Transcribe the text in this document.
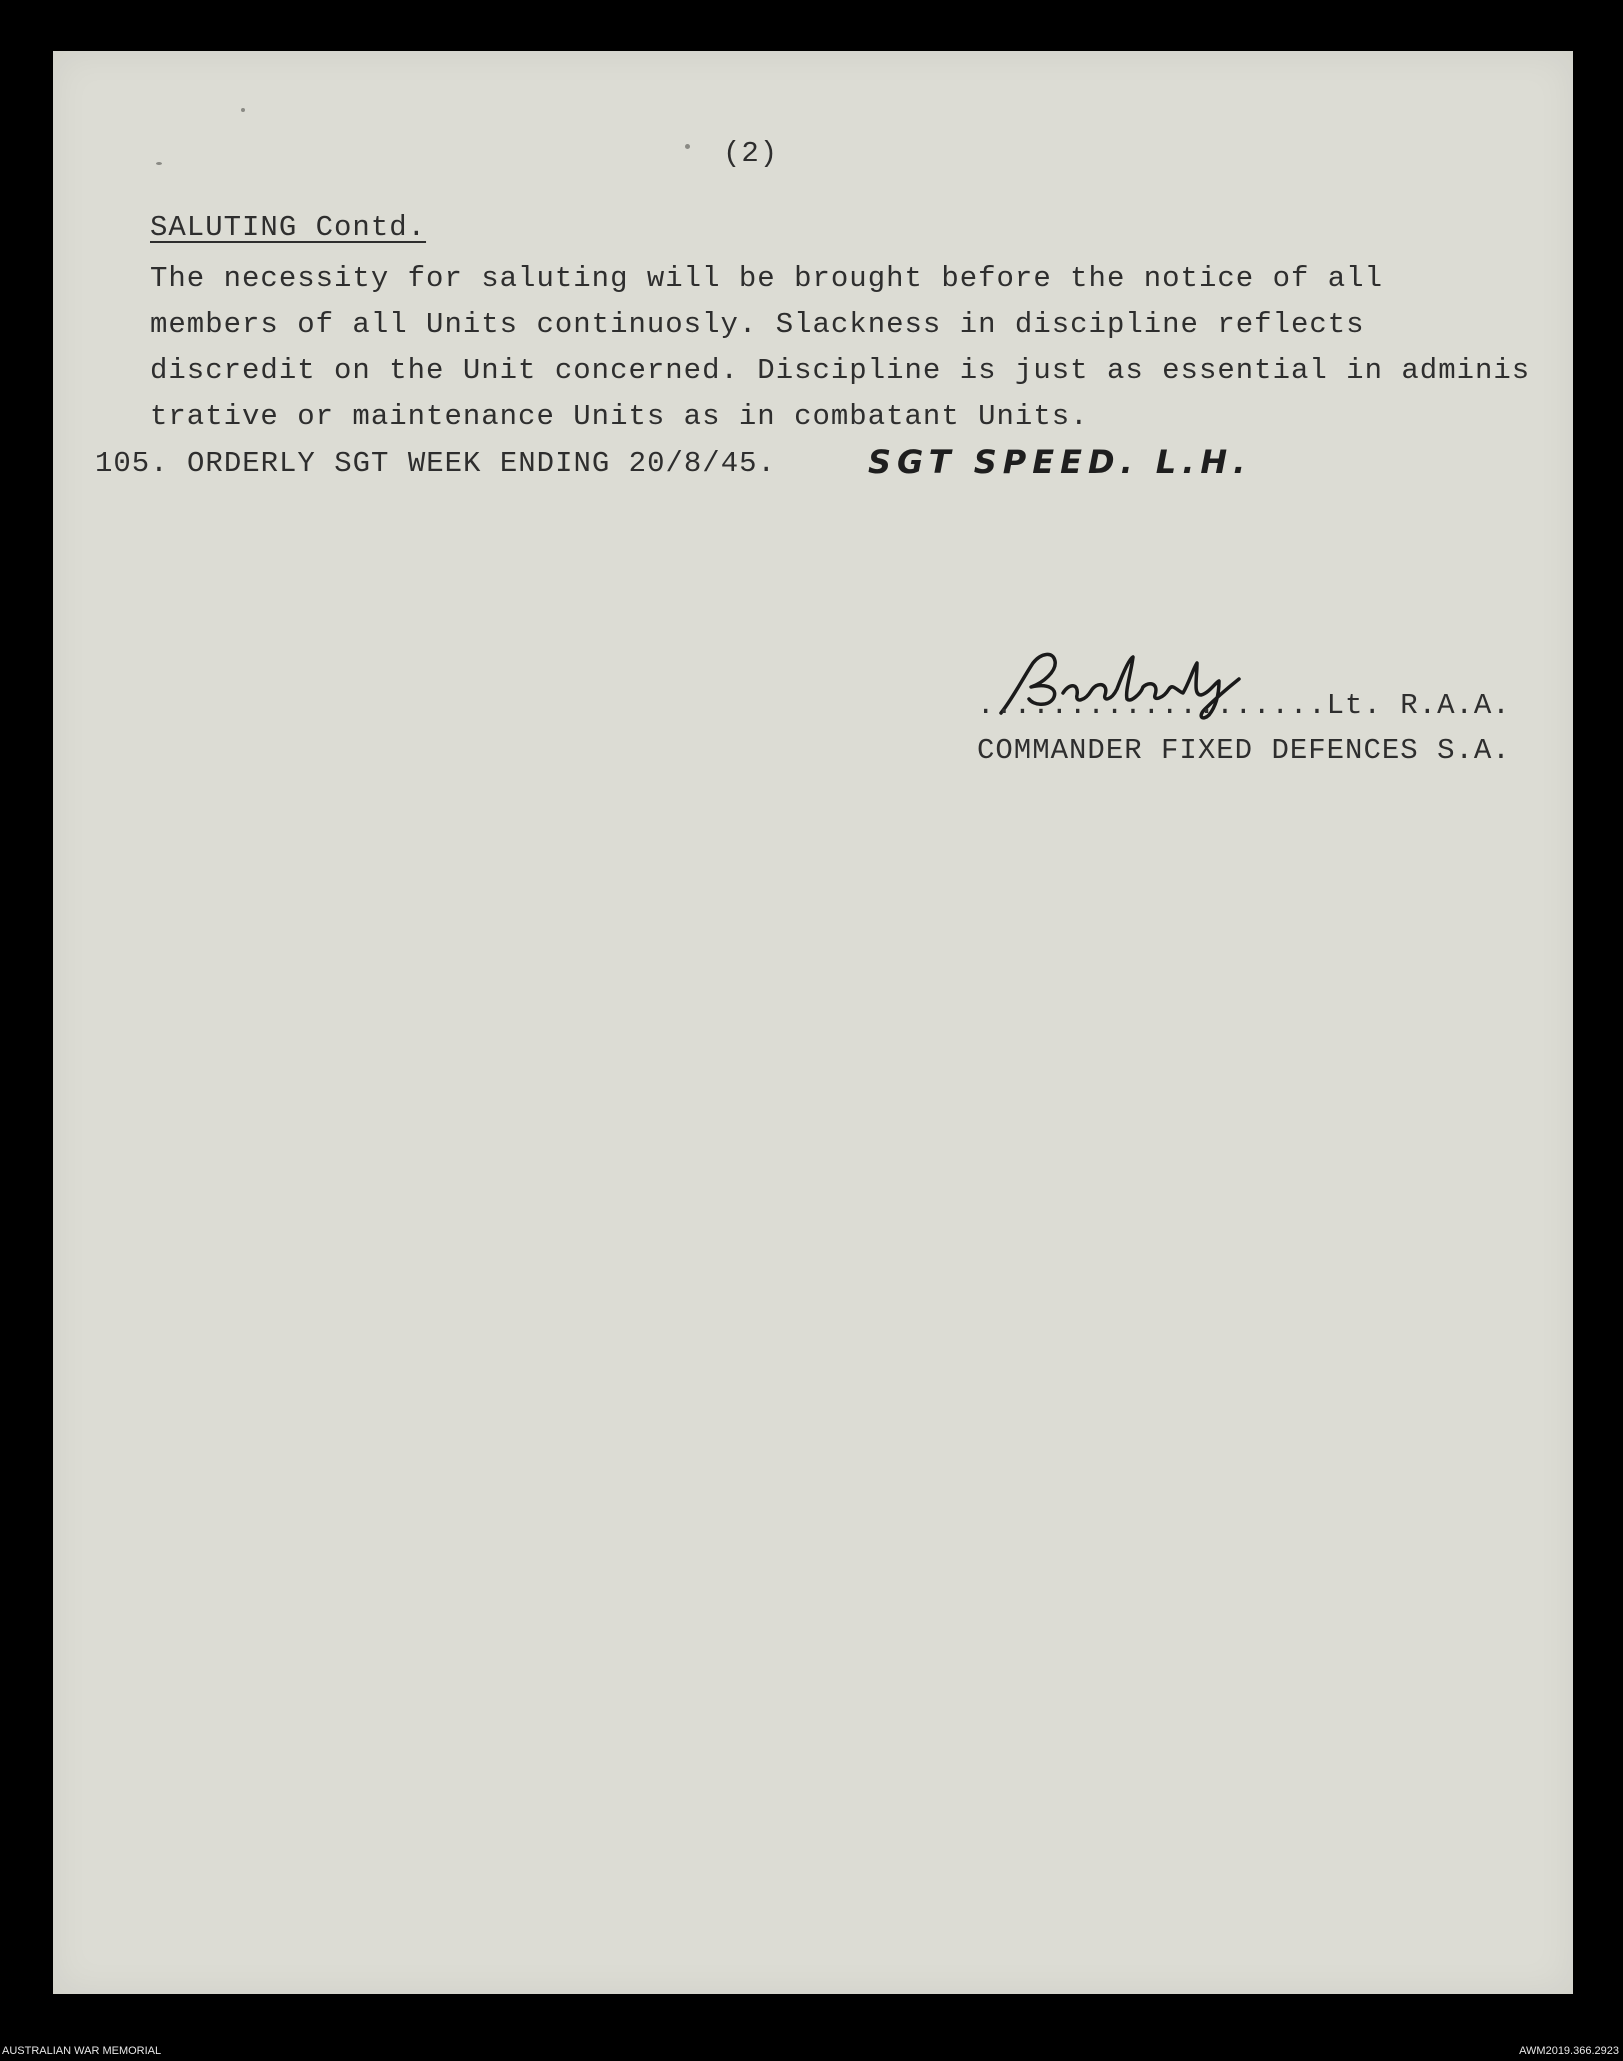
(2)

SALUTING Contd.

The necessity for saluting will be brought before the notice of all
members of all Units continuosly. Slackness in discipline reflects
discredit on the Unit concerned. Discipline is just as essential in adminis
trative or maintenance Units as in combatant Units.

105. ORDERLY SGT WEEK ENDING 20/8/45.	SGT SPEED. L.H.

...................Lt. R.A.A.

COMMANDER FIXED DEFENCES S.A.

AUSTRALIAN WAR MEMORIAL	AWM2019.366.2923
